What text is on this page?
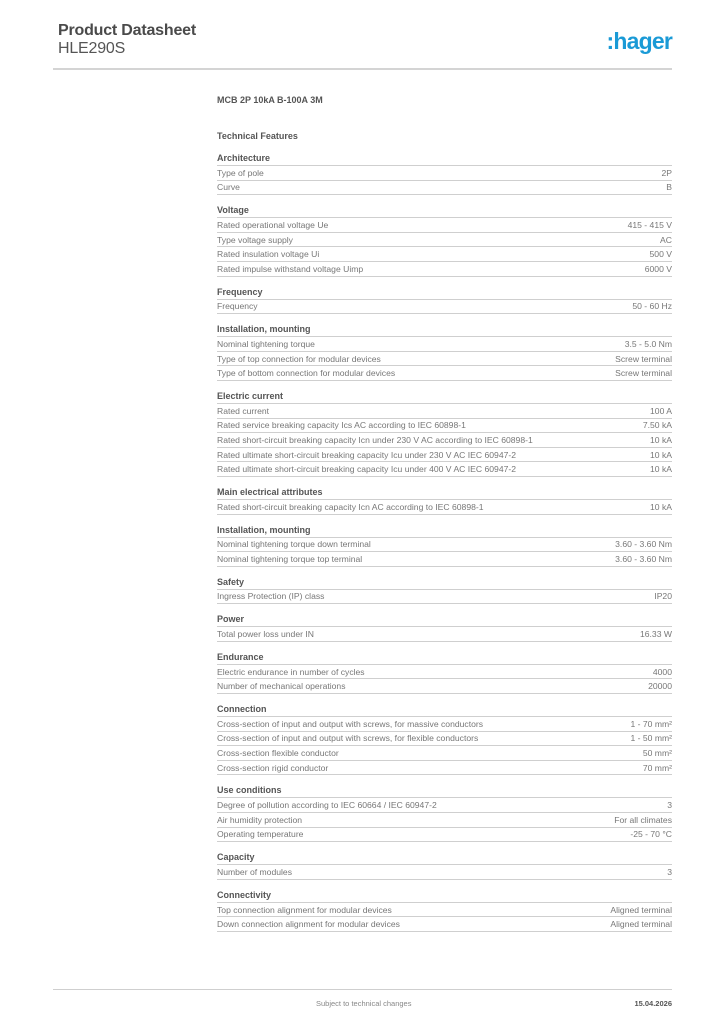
Product Datasheet
HLE290S	:hager
MCB 2P 10kA B-100A 3M
Technical Features
Architecture
Type of pole	2P
Curve	B
Voltage
Rated operational voltage Ue	415 - 415 V
Type voltage supply	AC
Rated insulation voltage Ui	500 V
Rated impulse withstand voltage Uimp	6000 V
Frequency
Frequency	50 - 60 Hz
Installation, mounting
Nominal tightening torque	3.5 - 5.0 Nm
Type of top connection for modular devices	Screw terminal
Type of bottom connection for modular devices	Screw terminal
Electric current
Rated current	100 A
Rated service breaking capacity Ics AC according to IEC 60898-1	7.50 kA
Rated short-circuit breaking capacity Icn under 230 V AC according to IEC 60898-1	10 kA
Rated ultimate short-circuit breaking capacity Icu under 230 V AC IEC 60947-2	10 kA
Rated ultimate short-circuit breaking capacity Icu under 400 V AC IEC 60947-2	10 kA
Main electrical attributes
Rated short-circuit breaking capacity Icn AC according to IEC 60898-1	10 kA
Installation, mounting
Nominal tightening torque down terminal	3.60 - 3.60 Nm
Nominal tightening torque top terminal	3.60 - 3.60 Nm
Safety
Ingress Protection (IP) class	IP20
Power
Total power loss under IN	16.33 W
Endurance
Electric endurance in number of cycles	4000
Number of mechanical operations	20000
Connection
Cross-section of input and output with screws, for massive conductors	1 - 70 mm²
Cross-section of input and output with screws, for flexible conductors	1 - 50 mm²
Cross-section flexible conductor	50 mm²
Cross-section rigid conductor	70 mm²
Use conditions
Degree of pollution according to IEC 60664 / IEC 60947-2	3
Air humidity protection	For all climates
Operating temperature	-25 - 70 °C
Capacity
Number of modules	3
Connectivity
Top connection alignment for modular devices	Aligned terminal
Down connection alignment for modular devices	Aligned terminal
Subject to technical changes	15.04.2026
